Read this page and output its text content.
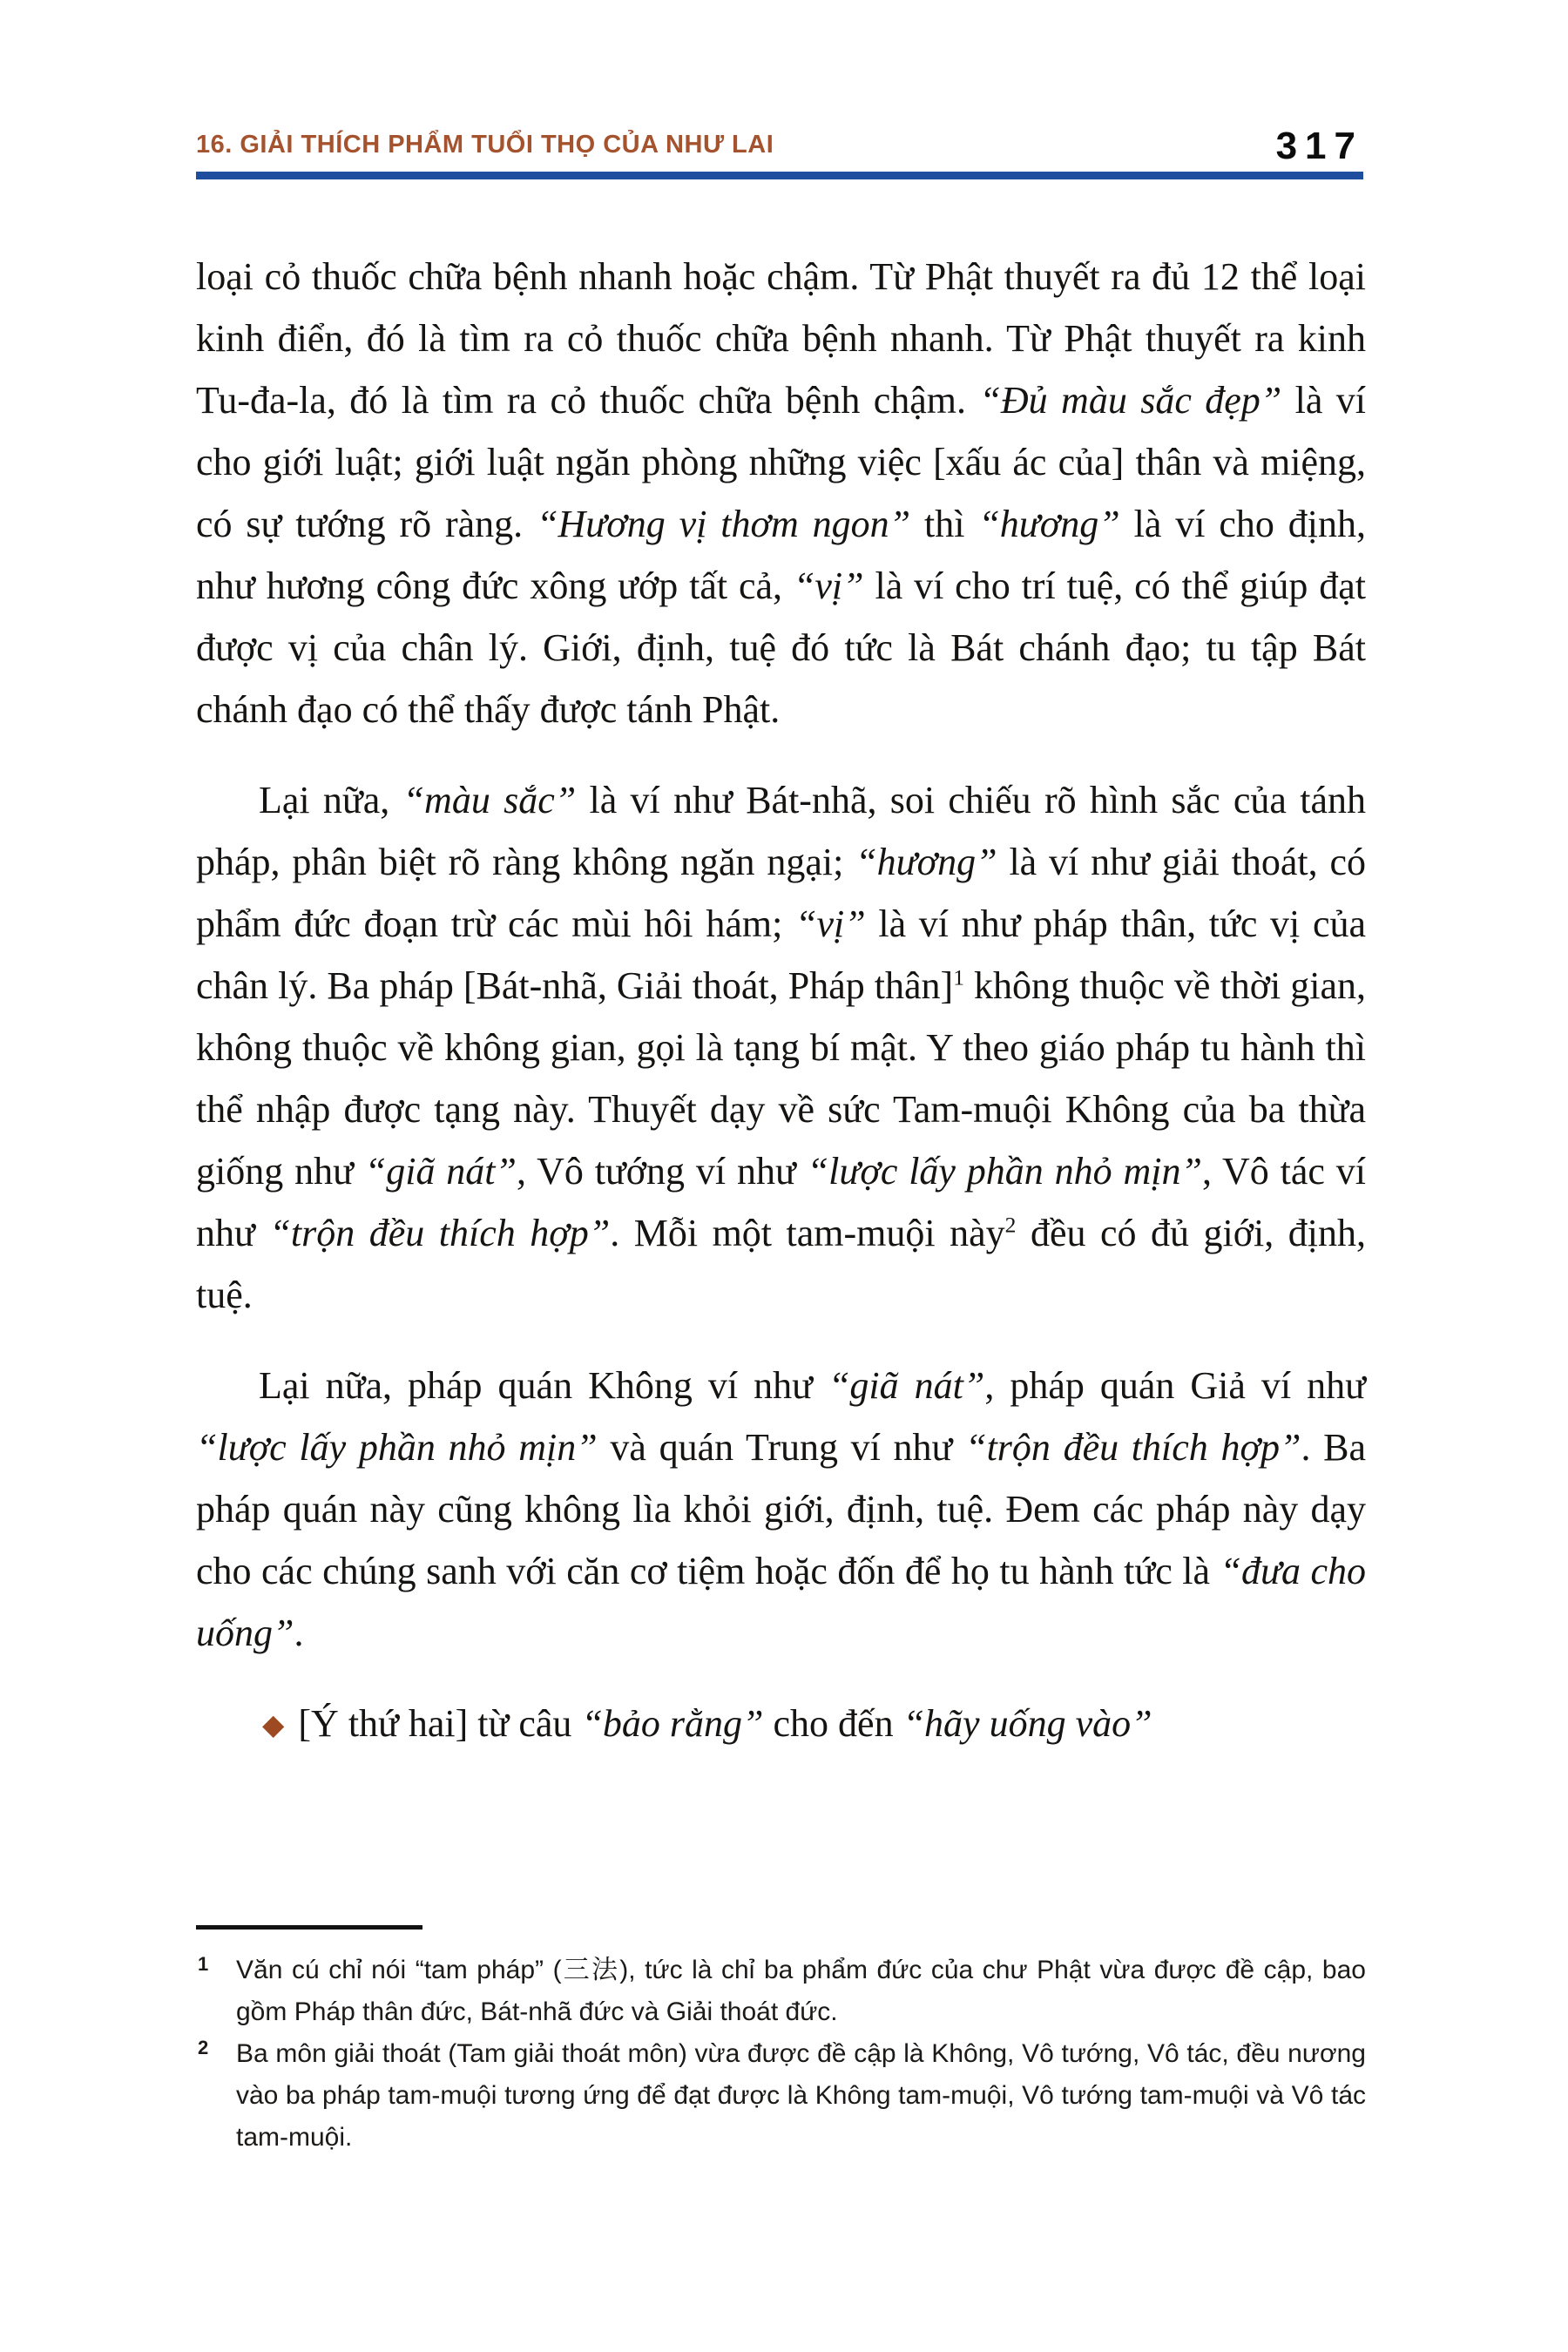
16. GIẢI THÍCH PHẨM TUỔI THỌ CỦA NHƯ LAI	317

loại cỏ thuốc chữa bệnh nhanh hoặc chậm. Từ Phật thuyết ra đủ 12 thể loại kinh điển, đó là tìm ra cỏ thuốc chữa bệnh nhanh. Từ Phật thuyết ra kinh Tu-đa-la, đó là tìm ra cỏ thuốc chữa bệnh chậm. “Đủ màu sắc đẹp” là ví cho giới luật; giới luật ngăn phòng những việc [xấu ác của] thân và miệng, có sự tướng rõ ràng. “Hương vị thơm ngon” thì “hương” là ví cho định, như hương công đức xông ướp tất cả, “vị” là ví cho trí tuệ, có thể giúp đạt được vị của chân lý. Giới, định, tuệ đó tức là Bát chánh đạo; tu tập Bát chánh đạo có thể thấy được tánh Phật.

Lại nữa, “màu sắc” là ví như Bát-nhã, soi chiếu rõ hình sắc của tánh pháp, phân biệt rõ ràng không ngăn ngại; “hương” là ví như giải thoát, có phẩm đức đoạn trừ các mùi hôi hám; “vị” là ví như pháp thân, tức vị của chân lý. Ba pháp [Bát-nhã, Giải thoát, Pháp thân]$^1$ không thuộc về thời gian, không thuộc về không gian, gọi là tạng bí mật. Y theo giáo pháp tu hành thì thể nhập được tạng này. Thuyết dạy về sức Tam-muội Không của ba thừa giống như “giã nát”, Vô tướng ví như “lược lấy phần nhỏ mịn”, Vô tác ví như “trộn đều thích hợp”. Mỗi một tam-muội này$^2$ đều có đủ giới, định, tuệ.

Lại nữa, pháp quán Không ví như “giã nát”, pháp quán Giả ví như “lược lấy phần nhỏ mịn” và quán Trung ví như “trộn đều thích hợp”. Ba pháp quán này cũng không lìa khỏi giới, định, tuệ. Đem các pháp này dạy cho các chúng sanh với căn cơ tiệm hoặc đốn để họ tu hành tức là “đưa cho uống”.

◆ [Ý thứ hai] từ câu “bảo rằng” cho đến “hãy uống vào”

1 Văn cú chỉ nói “tam pháp” (三法), tức là chỉ ba phẩm đức của chư Phật vừa được đề cập, bao gồm Pháp thân đức, Bát-nhã đức và Giải thoát đức.

2 Ba môn giải thoát (Tam giải thoát môn) vừa được đề cập là Không, Vô tướng, Vô tác, đều nương vào ba pháp tam-muội tương ứng để đạt được là Không tam-muội, Vô tướng tam-muội và Vô tác tam-muội.
